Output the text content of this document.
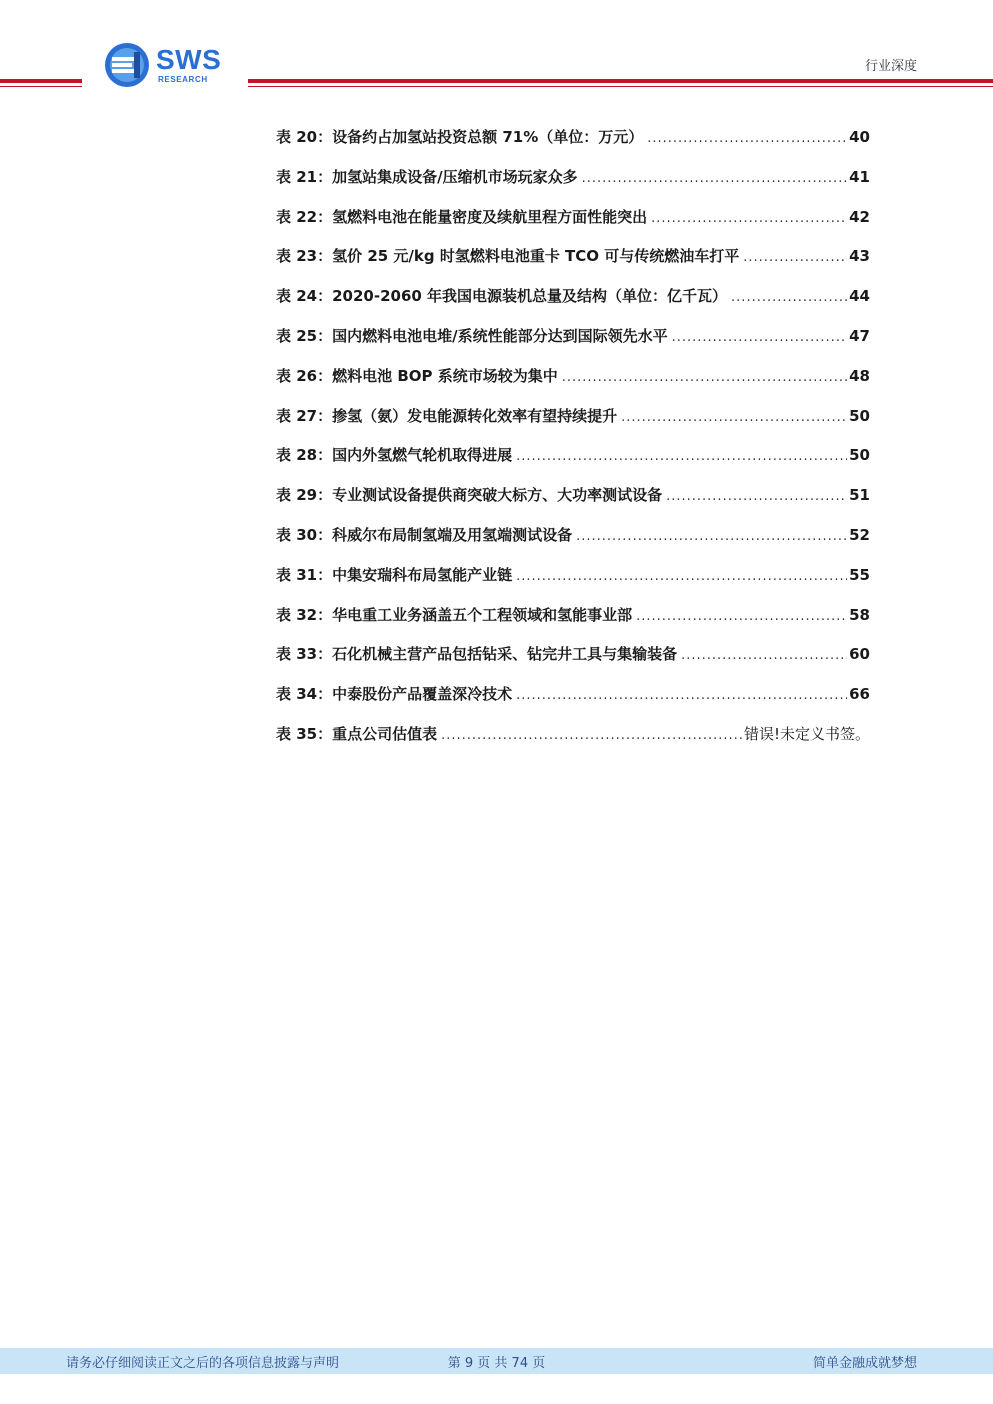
SWS
RESEARCH
行业深度
表 20：设备约占加氢站投资总额 71%（单位：万元） .....	40
表 21：加氢站集成设备/压缩机市场玩家众多 .....	41
表 22：氢燃料电池在能量密度及续航里程方面性能突出 .....	42
表 23：氢价 25 元/kg 时氢燃料电池重卡 TCO 可与传统燃油车打平 .....	43
表 24：2020-2060 年我国电源装机总量及结构（单位：亿千瓦） .....	44
表 25：国内燃料电池电堆/系统性能部分达到国际领先水平 .....	47
表 26：燃料电池 BOP 系统市场较为集中 .....	48
表 27：掺氢（氨）发电能源转化效率有望持续提升 .....	50
表 28：国内外氢燃气轮机取得进展 .....	50
表 29：专业测试设备提供商突破大标方、大功率测试设备 .....	51
表 30：科威尔布局制氢端及用氢端测试设备 .....	52
表 31：中集安瑞科布局氢能产业链 .....	55
表 32：华电重工业务涵盖五个工程领域和氢能事业部 .....	58
表 33：石化机械主营产品包括钻采、钻完井工具与集输装备 .....	60
表 34：中泰股份产品覆盖深冷技术 .....	66
表 35：重点公司估值表 .....	错误!未定义书签。
请务必仔细阅读正文之后的各项信息披露与声明	第 9 页 共 74 页	简单金融成就梦想
